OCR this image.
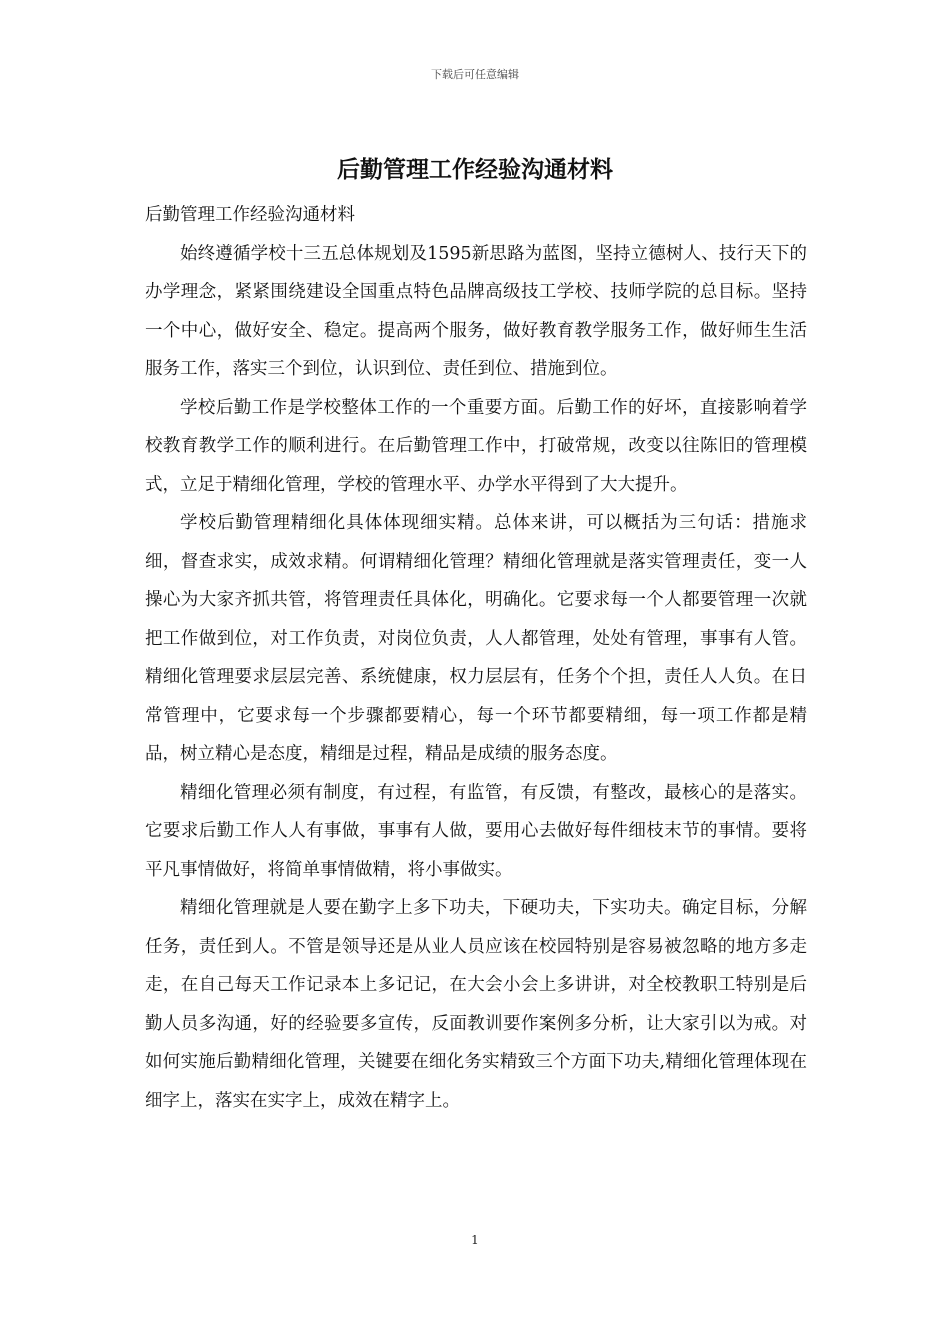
下载后可任意编辑
后勤管理工作经验沟通材料

后勤管理工作经验沟通材料

始终遵循学校十三五总体规划及1595新思路为蓝图，坚持立德树人、技行天下的办学理念，紧紧围绕建设全国重点特色品牌高级技工学校、技师学院的总目标。坚持一个中心，做好安全、稳定。提高两个服务，做好教育教学服务工作，做好师生生活服务工作，落实三个到位，认识到位、责任到位、措施到位。

学校后勤工作是学校整体工作的一个重要方面。后勤工作的好坏，直接影响着学校教育教学工作的顺利进行。在后勤管理工作中，打破常规，改变以往陈旧的管理模式，立足于精细化管理，学校的管理水平、办学水平得到了大大提升。

学校后勤管理精细化具体体现细实精。总体来讲，可以概括为三句话：措施求细，督查求实，成效求精。何谓精细化管理？精细化管理就是落实管理责任，变一人操心为大家齐抓共管，将管理责任具体化，明确化。它要求每一个人都要管理一次就把工作做到位，对工作负责，对岗位负责，人人都管理，处处有管理，事事有人管。精细化管理要求层层完善、系统健康，权力层层有，任务个个担，责任人人负。在日常管理中，它要求每一个步骤都要精心，每一个环节都要精细，每一项工作都是精品，树立精心是态度，精细是过程，精品是成绩的服务态度。

精细化管理必须有制度，有过程，有监管，有反馈，有整改，最核心的是落实。它要求后勤工作人人有事做，事事有人做，要用心去做好每件细枝末节的事情。要将平凡事情做好，将简单事情做精，将小事做实。

精细化管理就是人要在勤字上多下功夫，下硬功夫，下实功夫。确定目标，分解任务，责任到人。不管是领导还是从业人员应该在校园特别是容易被忽略的地方多走走，在自己每天工作记录本上多记记，在大会小会上多讲讲，对全校教职工特别是后勤人员多沟通，好的经验要多宣传，反面教训要作案例多分析，让大家引以为戒。对如何实施后勤精细化管理，关键要在细化务实精致三个方面下功夫,精细化管理体现在细字上，落实在实字上，成效在精字上。

1
